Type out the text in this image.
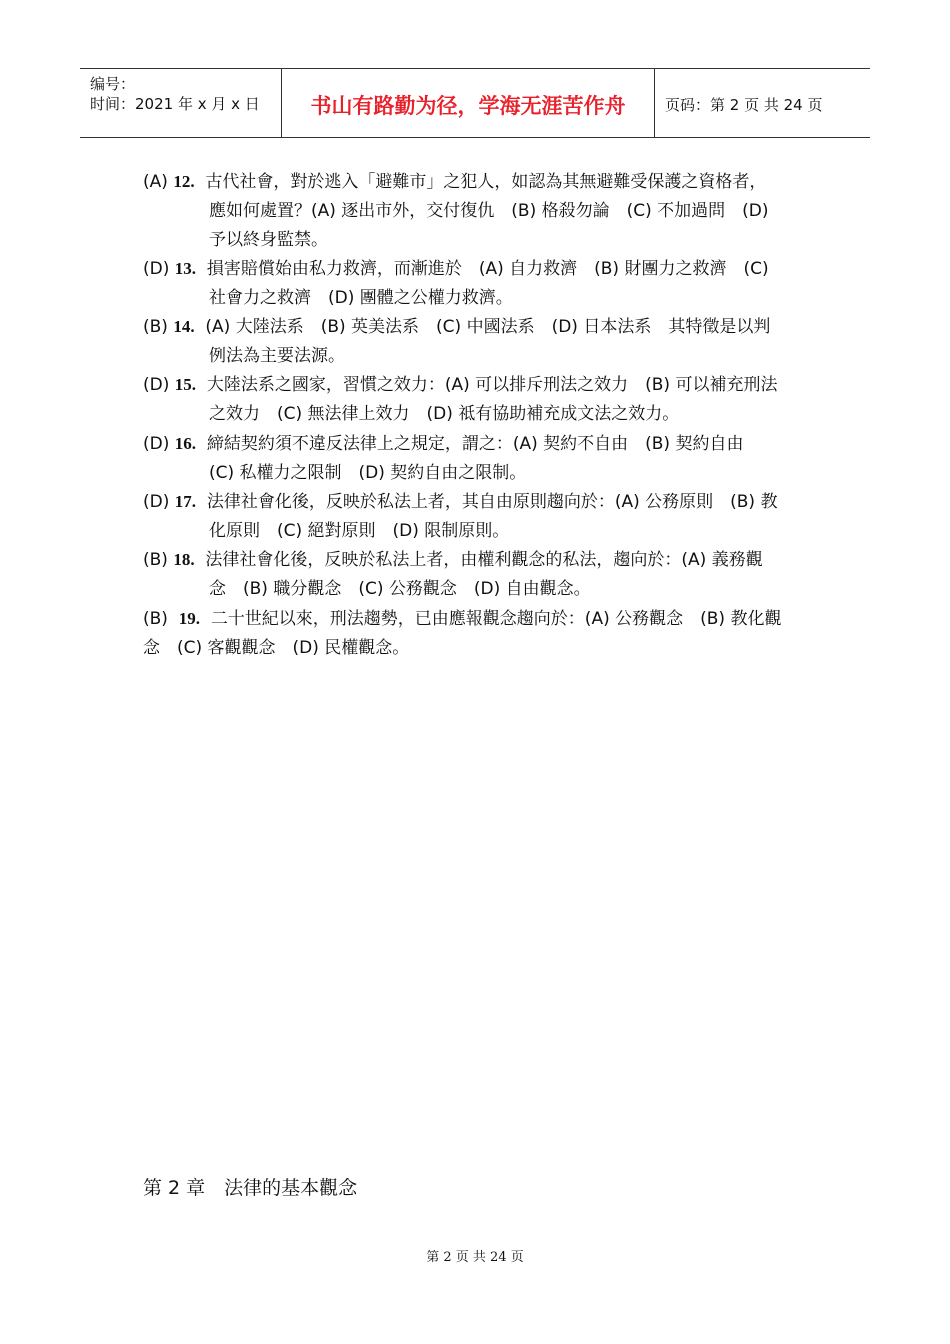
编号：
时间：2021 年 x 月 x 日	书山有路勤为径，学海无涯苦作舟	页码：第 2 页 共 24 页
(A) 12. 古代社會，對於逃入「避難市」之犯人，如認為其無避難受保護之資格者，
應如何處置？(A) 逐出市外，交付復仇　(B) 格殺勿論　(C) 不加過問　(D)
予以終身監禁。
(D) 13. 損害賠償始由私力救濟，而漸進於　(A) 自力救濟　(B) 財團力之救濟　(C)
社會力之救濟　(D) 團體之公權力救濟。
(B) 14. (A) 大陸法系　(B) 英美法系　(C) 中國法系　(D) 日本法系　其特徵是以判
例法為主要法源。
(D) 15. 大陸法系之國家，習慣之效力：(A) 可以排斥刑法之效力　(B) 可以補充刑法
之效力　(C) 無法律上效力　(D) 祗有協助補充成文法之效力。
(D) 16. 締結契約須不違反法律上之規定，謂之：(A) 契約不自由　(B) 契約自由
(C) 私權力之限制　(D) 契約自由之限制。
(D) 17. 法律社會化後，反映於私法上者，其自由原則趨向於：(A) 公務原則　(B) 教
化原則　(C) 絕對原則　(D) 限制原則。
(B) 18. 法律社會化後，反映於私法上者，由權利觀念的私法，趨向於：(A) 義務觀
念　(B) 職分觀念　(C) 公務觀念　(D) 自由觀念。
(B) 19. 二十世紀以來，刑法趨勢，已由應報觀念趨向於：(A) 公務觀念　(B) 教化觀
念　(C) 客觀觀念　(D) 民權觀念。
第 2 章　法律的基本觀念
第 2 页 共 24 页
